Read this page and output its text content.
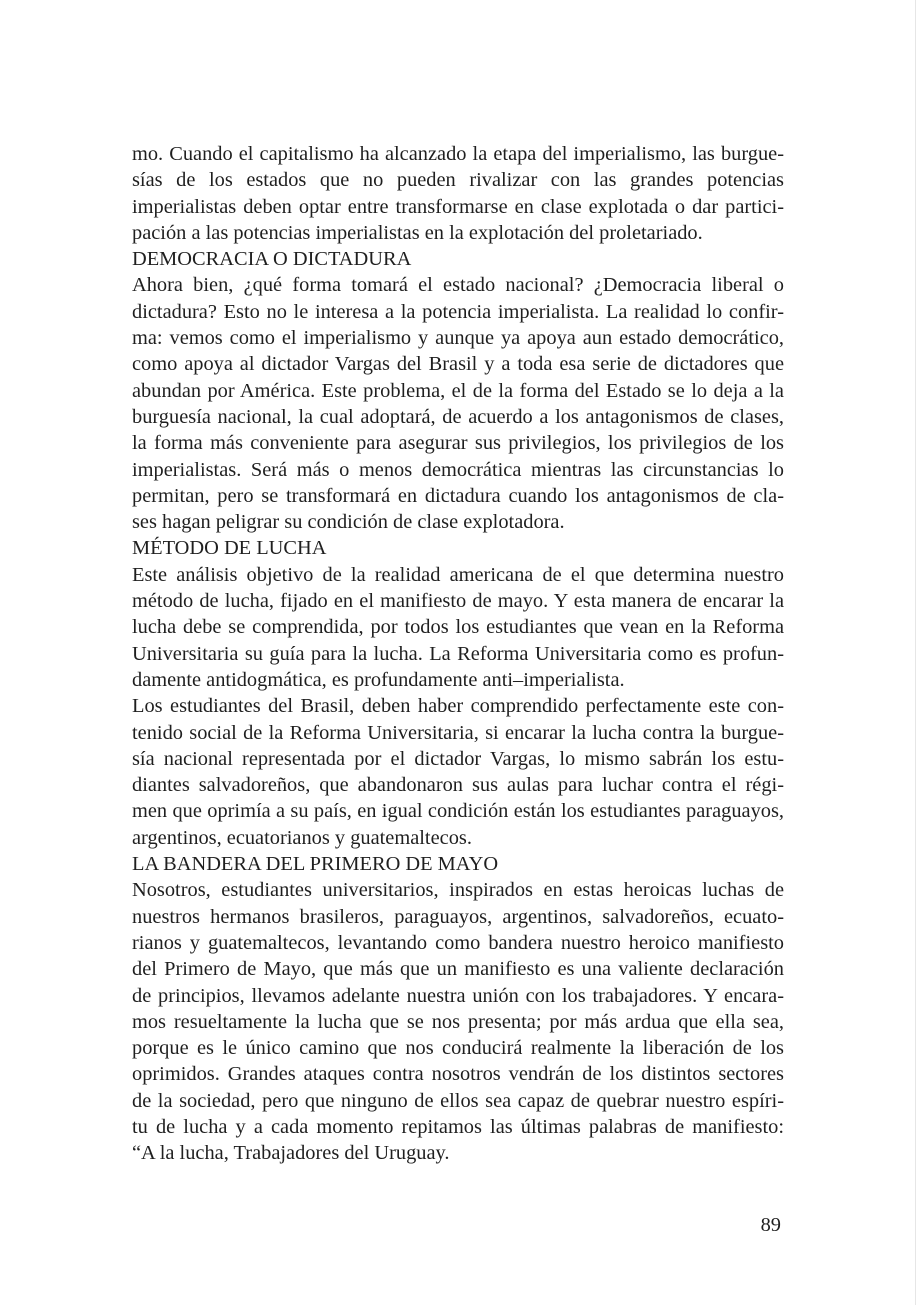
mo. Cuando el capitalismo ha alcanzado la etapa del imperialismo, las burgue-
sías de los estados que no pueden rivalizar con las grandes potencias
imperialistas deben optar entre transformarse en clase explotada o dar partici-
pación a las potencias imperialistas en la explotación del proletariado.
DEMOCRACIA O DICTADURA
Ahora bien, ¿qué forma tomará el estado nacional? ¿Democracia liberal o
dictadura? Esto no le interesa a la potencia imperialista. La realidad lo confir-
ma: vemos como el imperialismo y aunque ya apoya aun estado democrático,
como apoya al dictador Vargas del Brasil y a toda esa serie de dictadores que
abundan por América. Este problema, el de la forma del Estado se lo deja a la
burguesía nacional, la cual adoptará, de acuerdo a los antagonismos de clases,
la forma más conveniente para asegurar sus privilegios, los privilegios de los
imperialistas. Será más o menos democrática mientras las circunstancias lo
permitan, pero se transformará en dictadura cuando los antagonismos de cla-
ses hagan peligrar su condición de clase explotadora.
MÉTODO DE LUCHA
Este análisis objetivo de la realidad americana de el que determina nuestro
método de lucha, fijado en el manifiesto de mayo. Y esta manera de encarar la
lucha debe se comprendida, por todos los estudiantes que vean en la Reforma
Universitaria su guía para la lucha. La Reforma Universitaria como es profun-
damente antidogmática, es profundamente anti–imperialista.
Los estudiantes del Brasil, deben haber comprendido perfectamente este con-
tenido social de la Reforma Universitaria, si encarar la lucha contra la burgue-
sía nacional representada por el dictador Vargas, lo mismo sabrán los estu-
diantes salvadoreños, que abandonaron sus aulas para luchar contra el régi-
men que oprimía a su país, en igual condición están los estudiantes paraguayos,
argentinos, ecuatorianos y guatemaltecos.
LA BANDERA DEL PRIMERO DE MAYO
Nosotros, estudiantes universitarios, inspirados en estas heroicas luchas de
nuestros hermanos brasileros, paraguayos, argentinos, salvadoreños, ecuato-
rianos y guatemaltecos, levantando como bandera nuestro heroico manifiesto
del Primero de Mayo, que más que un manifiesto es una valiente declaración
de principios, llevamos adelante nuestra unión con los trabajadores. Y encara-
mos resueltamente la lucha que se nos presenta; por más ardua que ella sea,
porque es le único camino que nos conducirá realmente la liberación de los
oprimidos. Grandes ataques contra nosotros vendrán de los distintos sectores
de la sociedad, pero que ninguno de ellos sea capaz de quebrar nuestro espíri-
tu de lucha y a cada momento repitamos las últimas palabras de manifiesto:
“A la lucha, Trabajadores del Uruguay.
89
